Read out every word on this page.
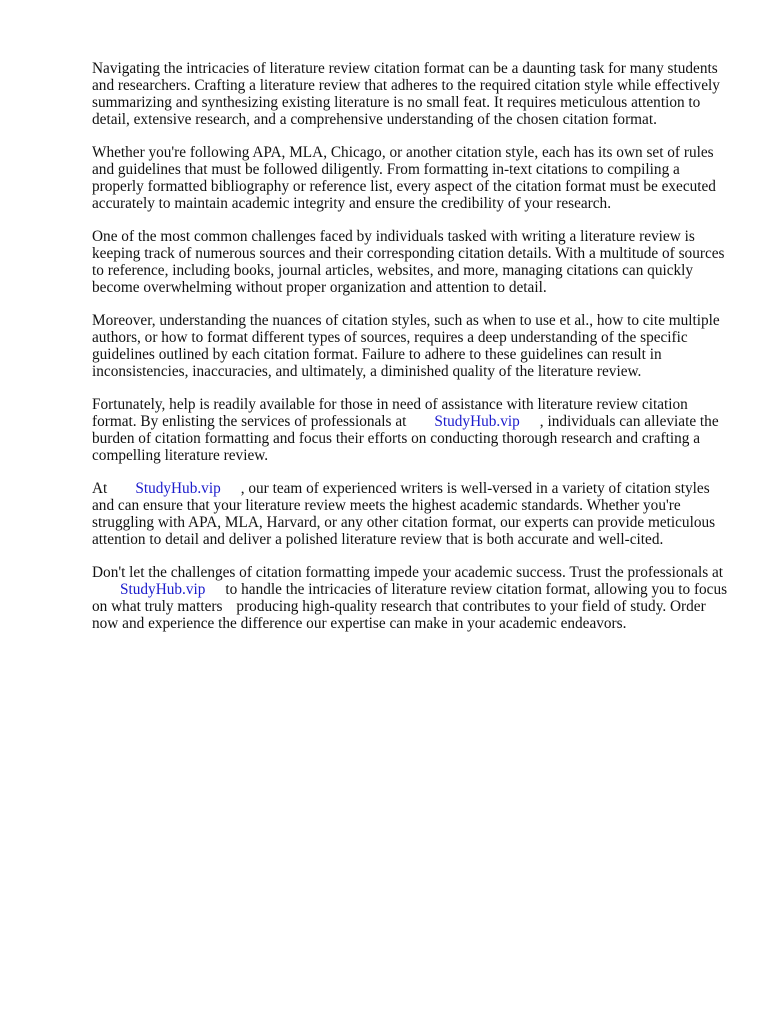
Navigating the intricacies of literature review citation format can be a daunting task for many students and researchers. Crafting a literature review that adheres to the required citation style while effectively summarizing and synthesizing existing literature is no small feat. It requires meticulous attention to detail, extensive research, and a comprehensive understanding of the chosen citation format.

Whether you're following APA, MLA, Chicago, or another citation style, each has its own set of rules and guidelines that must be followed diligently. From formatting in-text citations to compiling a properly formatted bibliography or reference list, every aspect of the citation format must be executed accurately to maintain academic integrity and ensure the credibility of your research.

One of the most common challenges faced by individuals tasked with writing a literature review is keeping track of numerous sources and their corresponding citation details. With a multitude of sources to reference, including books, journal articles, websites, and more, managing citations can quickly become overwhelming without proper organization and attention to detail.

Moreover, understanding the nuances of citation styles, such as when to use et al., how to cite multiple authors, or how to format different types of sources, requires a deep understanding of the specific guidelines outlined by each citation format. Failure to adhere to these guidelines can result in inconsistencies, inaccuracies, and ultimately, a diminished quality of the literature review.

Fortunately, help is readily available for those in need of assistance with literature review citation format. By enlisting the services of professionals at StudyHub.vip , individuals can alleviate the burden of citation formatting and focus their efforts on conducting thorough research and crafting a compelling literature review.

At StudyHub.vip , our team of experienced writers is well-versed in a variety of citation styles and can ensure that your literature review meets the highest academic standards. Whether you're struggling with APA, MLA, Harvard, or any other citation format, our experts can provide meticulous attention to detail and deliver a polished literature review that is both accurate and well-cited.

Don't let the challenges of citation formatting impede your academic success. Trust the professionals atStudyHub.vip to handle the intricacies of literature review citation format, allowing you to focus on what truly matters producing high-quality research that contributes to your field of study. Order now and experience the difference our expertise can make in your academic endeavors.
